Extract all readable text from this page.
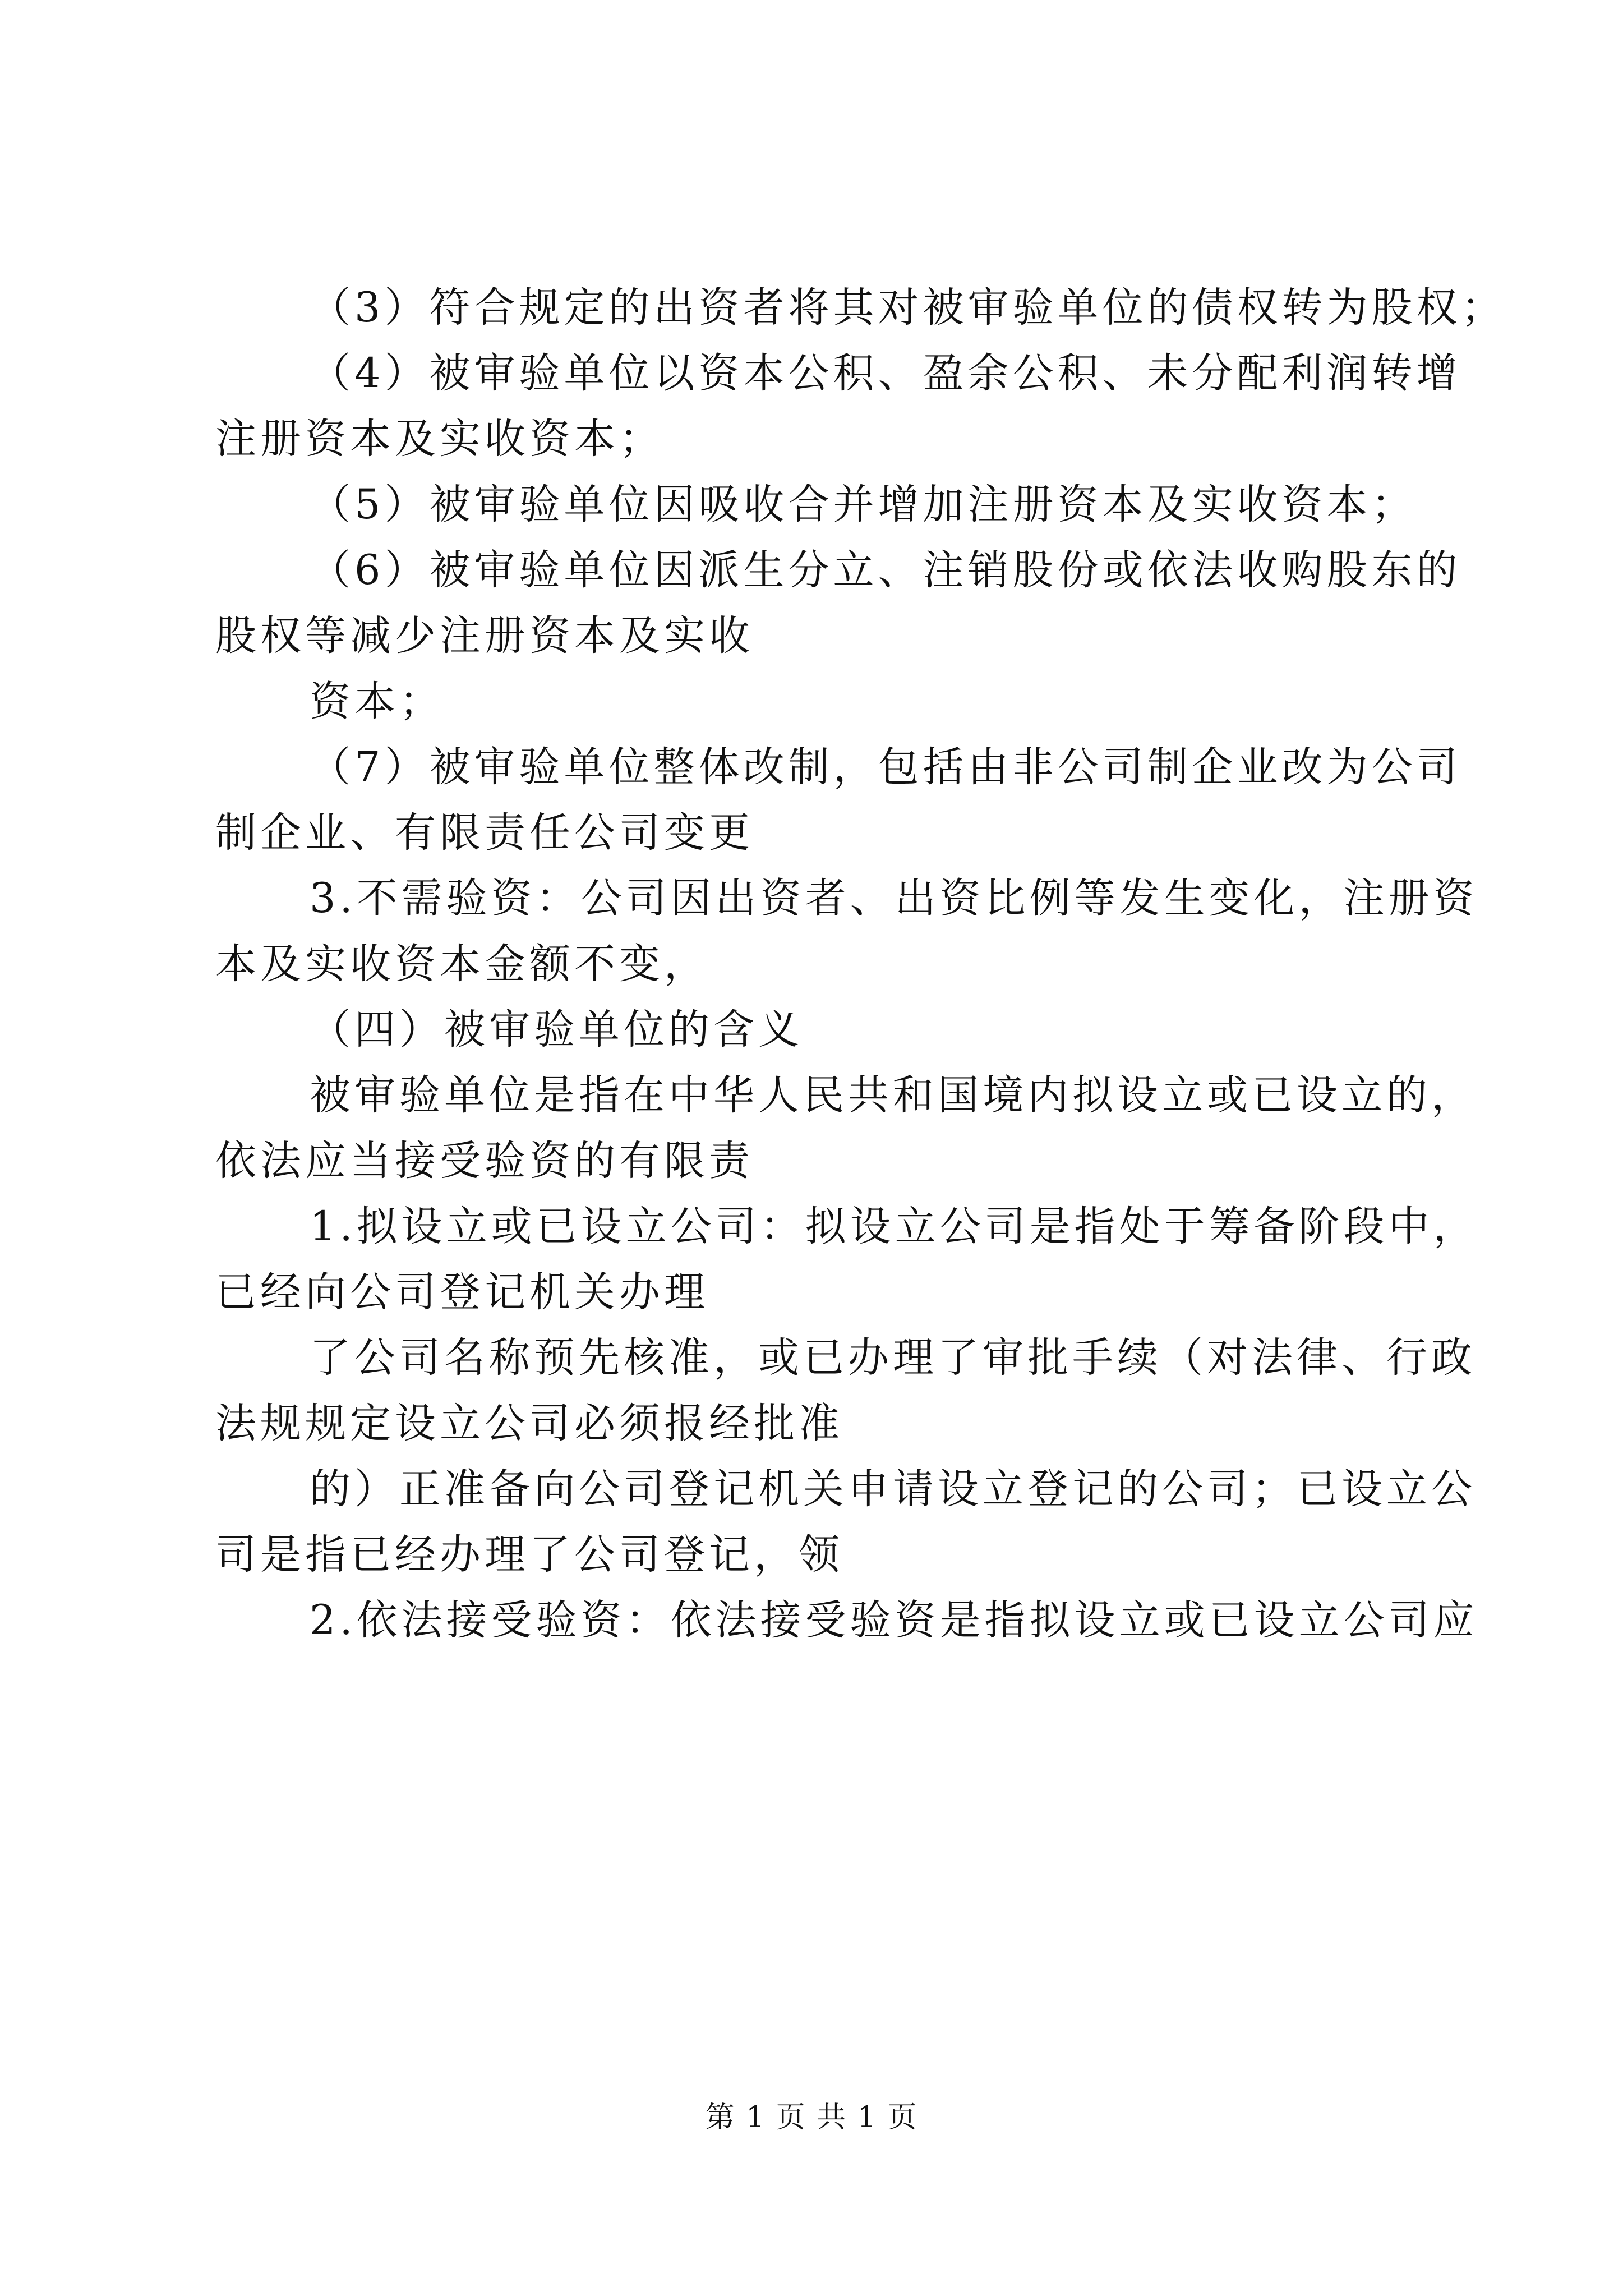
（3）符合规定的出资者将其对被审验单位的债权转为股权；

（4）被审验单位以资本公积、盈余公积、未分配利润转增

注册资本及实收资本；

（5）被审验单位因吸收合并增加注册资本及实收资本；

（6）被审验单位因派生分立、注销股份或依法收购股东的

股权等减少注册资本及实收

资本；

（7）被审验单位整体改制，包括由非公司制企业改为公司

制企业、有限责任公司变更

3.不需验资：公司因出资者、出资比例等发生变化，注册资

本及实收资本金额不变，

（四）被审验单位的含义

被审验单位是指在中华人民共和国境内拟设立或已设立的，

依法应当接受验资的有限责

1.拟设立或已设立公司：拟设立公司是指处于筹备阶段中，

已经向公司登记机关办理

了公司名称预先核准，或已办理了审批手续（对法律、行政

法规规定设立公司必须报经批准

的）正准备向公司登记机关申请设立登记的公司；已设立公

司是指已经办理了公司登记，领

2.依法接受验资：依法接受验资是指拟设立或已设立公司应

第 1 页 共 1 页
